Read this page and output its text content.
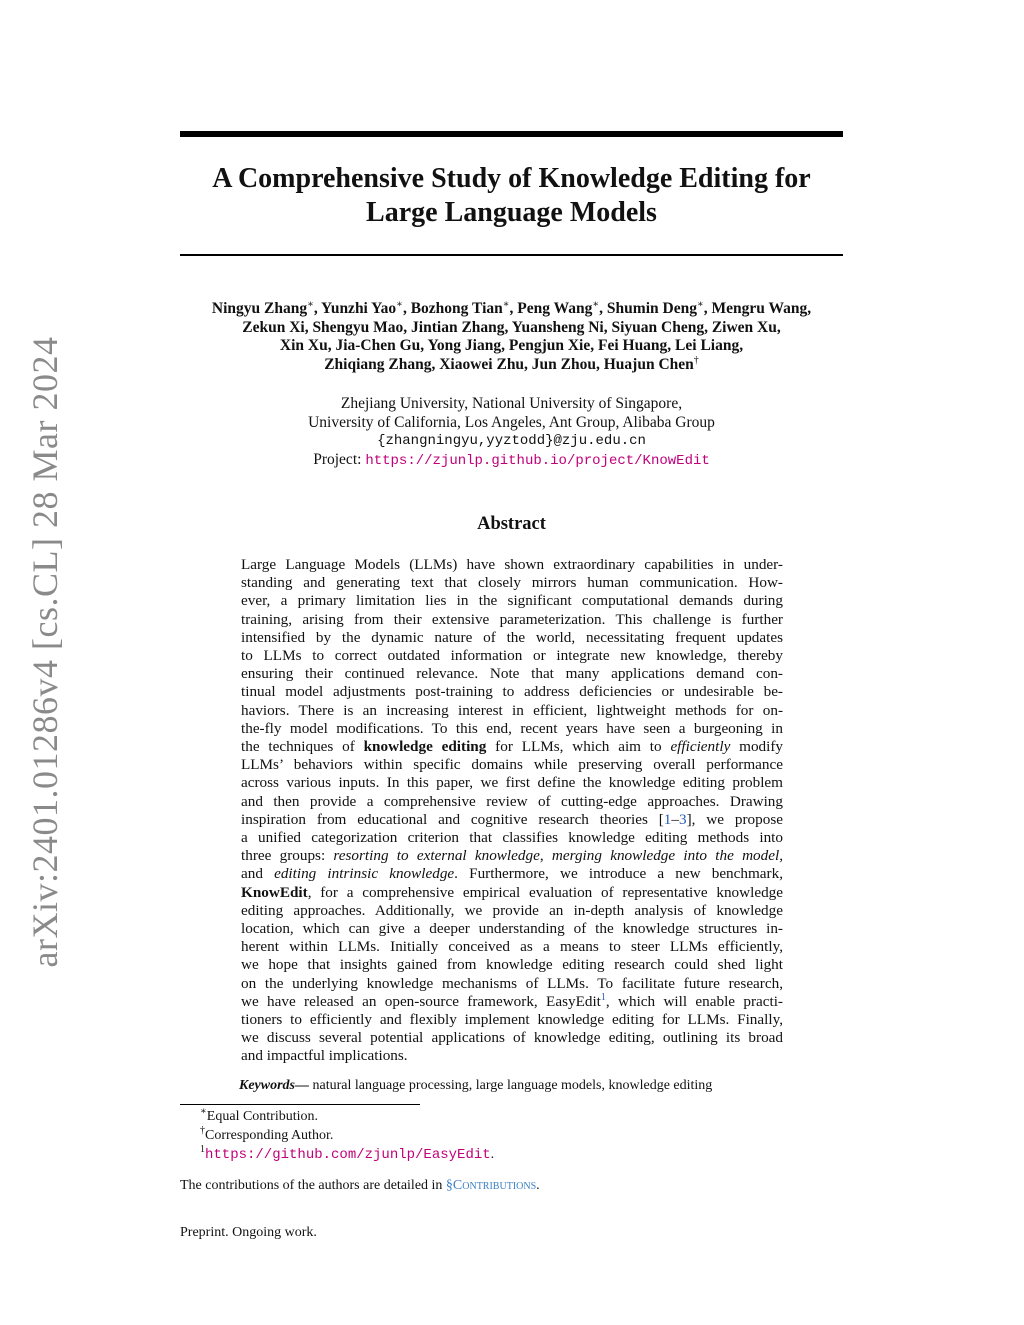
arXiv:2401.01286v4 [cs.CL] 28 Mar 2024
A Comprehensive Study of Knowledge Editing for
Large Language Models
Ningyu Zhang∗, Yunzhi Yao∗, Bozhong Tian∗, Peng Wang∗, Shumin Deng∗, Mengru Wang,
Zekun Xi, Shengyu Mao, Jintian Zhang, Yuansheng Ni, Siyuan Cheng, Ziwen Xu,
Xin Xu, Jia-Chen Gu, Yong Jiang, Pengjun Xie, Fei Huang, Lei Liang,
Zhiqiang Zhang, Xiaowei Zhu, Jun Zhou, Huajun Chen†
Zhejiang University, National University of Singapore,
University of California, Los Angeles, Ant Group, Alibaba Group
{zhangningyu,yyztodd}@zju.edu.cn
Project: https://zjunlp.github.io/project/KnowEdit
Abstract
Large Language Models (LLMs) have shown extraordinary capabilities in under-
standing and generating text that closely mirrors human communication. How-
ever, a primary limitation lies in the significant computational demands during
training, arising from their extensive parameterization. This challenge is further
intensified by the dynamic nature of the world, necessitating frequent updates
to LLMs to correct outdated information or integrate new knowledge, thereby
ensuring their continued relevance. Note that many applications demand con-
tinual model adjustments post-training to address deficiencies or undesirable be-
haviors. There is an increasing interest in efficient, lightweight methods for on-
the-fly model modifications. To this end, recent years have seen a burgeoning in
the techniques of knowledge editing for LLMs, which aim to efficiently modify
LLMs’ behaviors within specific domains while preserving overall performance
across various inputs. In this paper, we first define the knowledge editing problem
and then provide a comprehensive review of cutting-edge approaches. Drawing
inspiration from educational and cognitive research theories [1–3], we propose
a unified categorization criterion that classifies knowledge editing methods into
three groups: resorting to external knowledge, merging knowledge into the model,
and editing intrinsic knowledge. Furthermore, we introduce a new benchmark,
KnowEdit, for a comprehensive empirical evaluation of representative knowledge
editing approaches. Additionally, we provide an in-depth analysis of knowledge
location, which can give a deeper understanding of the knowledge structures in-
herent within LLMs. Initially conceived as a means to steer LLMs efficiently,
we hope that insights gained from knowledge editing research could shed light
on the underlying knowledge mechanisms of LLMs. To facilitate future research,
we have released an open-source framework, EasyEdit$^1$, which will enable practi-
tioners to efficiently and flexibly implement knowledge editing for LLMs. Finally,
we discuss several potential applications of knowledge editing, outlining its broad
and impactful implications.
Keywords— natural language processing, large language models, knowledge editing
∗Equal Contribution.
†Corresponding Author.
$^1$https://github.com/zjunlp/EasyEdit.
The contributions of the authors are detailed in §Contributions.
Preprint. Ongoing work.
